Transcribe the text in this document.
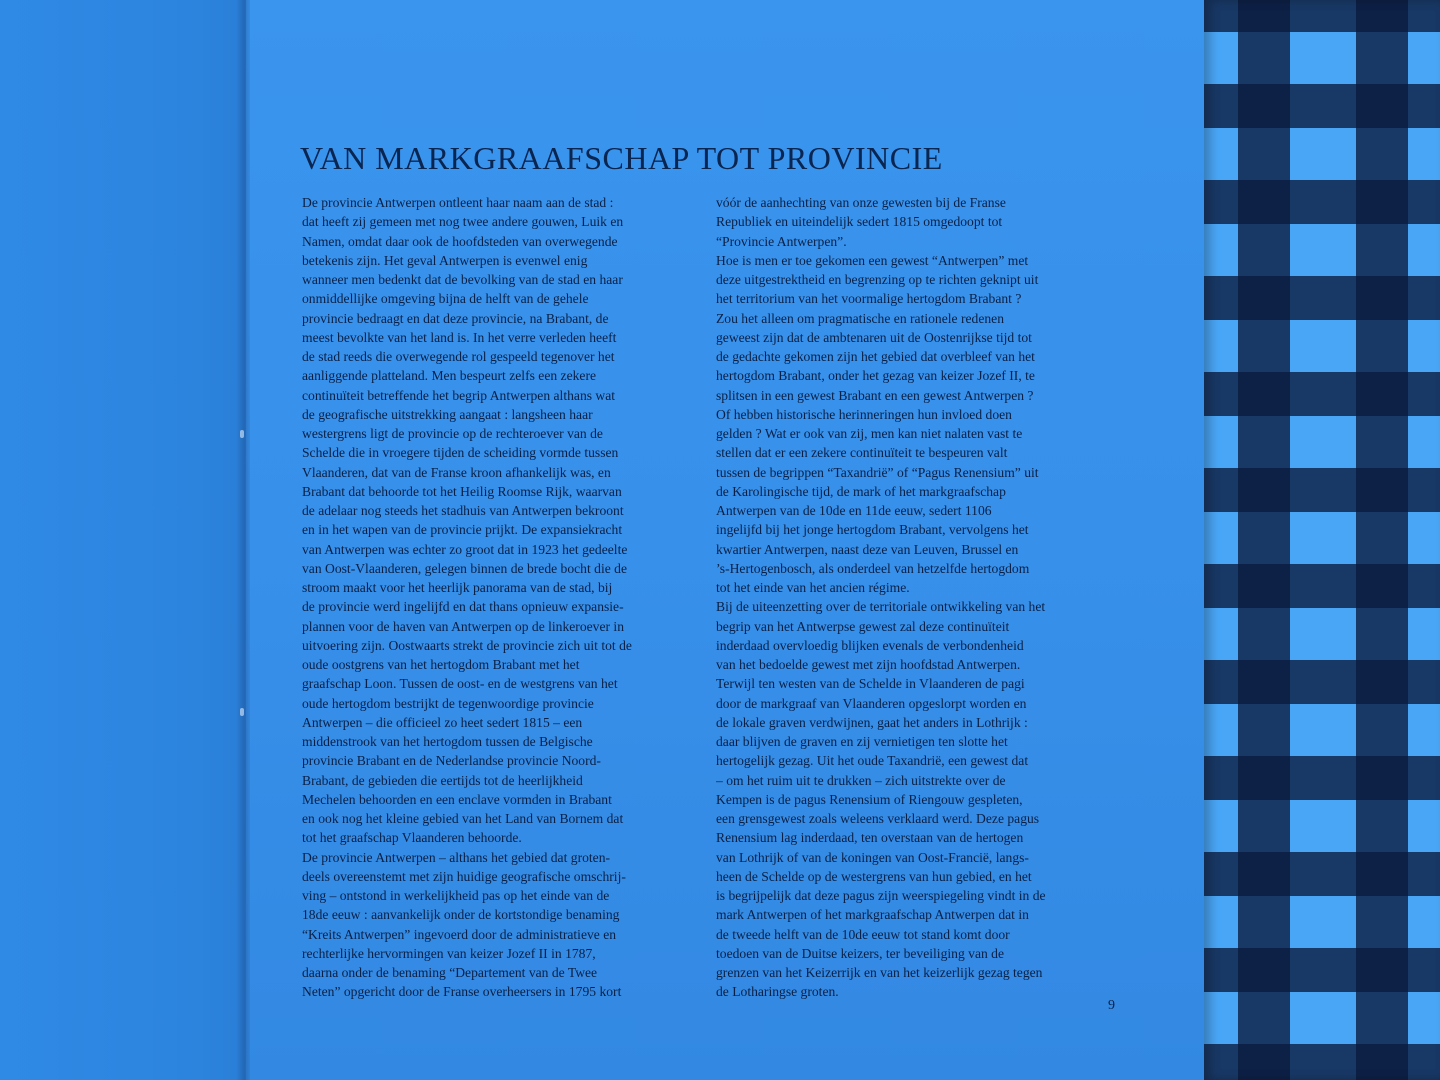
VAN MARKGRAAFSCHAP TOT PROVINCIE
De provincie Antwerpen ontleent haar naam aan de stad :
dat heeft zij gemeen met nog twee andere gouwen, Luik en
Namen, omdat daar ook de hoofdsteden van overwegende
betekenis zijn. Het geval Antwerpen is evenwel enig
wanneer men bedenkt dat de bevolking van de stad en haar
onmiddellijke omgeving bijna de helft van de gehele
provincie bedraagt en dat deze provincie, na Brabant, de
meest bevolkte van het land is. In het verre verleden heeft
de stad reeds die overwegende rol gespeeld tegenover het
aanliggende platteland. Men bespeurt zelfs een zekere
continuïteit betreffende het begrip Antwerpen althans wat
de geografische uitstrekking aangaat : langsheen haar
westergrens ligt de provincie op de rechteroever van de
Schelde die in vroegere tijden de scheiding vormde tussen
Vlaanderen, dat van de Franse kroon afhankelijk was, en
Brabant dat behoorde tot het Heilig Roomse Rijk, waarvan
de adelaar nog steeds het stadhuis van Antwerpen bekroont
en in het wapen van de provincie prijkt. De expansiekracht
van Antwerpen was echter zo groot dat in 1923 het gedeelte
van Oost-Vlaanderen, gelegen binnen de brede bocht die de
stroom maakt voor het heerlijk panorama van de stad, bij
de provincie werd ingelijfd en dat thans opnieuw expansie-
plannen voor de haven van Antwerpen op de linkeroever in
uitvoering zijn. Oostwaarts strekt de provincie zich uit tot de
oude oostgrens van het hertogdom Brabant met het
graafschap Loon. Tussen de oost- en de westgrens van het
oude hertogdom bestrijkt de tegenwoordige provincie
Antwerpen – die officieel zo heet sedert 1815 – een
middenstrook van het hertogdom tussen de Belgische
provincie Brabant en de Nederlandse provincie Noord-
Brabant, de gebieden die eertijds tot de heerlijkheid
Mechelen behoorden en een enclave vormden in Brabant
en ook nog het kleine gebied van het Land van Bornem dat
tot het graafschap Vlaanderen behoorde.
De provincie Antwerpen – althans het gebied dat groten-
deels overeenstemt met zijn huidige geografische omschrij-
ving – ontstond in werkelijkheid pas op het einde van de
18de eeuw : aanvankelijk onder de kortstondige benaming
“Kreits Antwerpen” ingevoerd door de administratieve en
rechterlijke hervormingen van keizer Jozef II in 1787,
daarna onder de benaming “Departement van de Twee
Neten” opgericht door de Franse overheersers in 1795 kort
vóór de aanhechting van onze gewesten bij de Franse
Republiek en uiteindelijk sedert 1815 omgedoopt tot
“Provincie Antwerpen”.
Hoe is men er toe gekomen een gewest “Antwerpen” met
deze uitgestrektheid en begrenzing op te richten geknipt uit
het territorium van het voormalige hertogdom Brabant ?
Zou het alleen om pragmatische en rationele redenen
geweest zijn dat de ambtenaren uit de Oostenrijkse tijd tot
de gedachte gekomen zijn het gebied dat overbleef van het
hertogdom Brabant, onder het gezag van keizer Jozef II, te
splitsen in een gewest Brabant en een gewest Antwerpen ?
Of hebben historische herinneringen hun invloed doen
gelden ? Wat er ook van zij, men kan niet nalaten vast te
stellen dat er een zekere continuïteit te bespeuren valt
tussen de begrippen “Taxandrië” of “Pagus Renensium” uit
de Karolingische tijd, de mark of het markgraafschap
Antwerpen van de 10de en 11de eeuw, sedert 1106
ingelijfd bij het jonge hertogdom Brabant, vervolgens het
kwartier Antwerpen, naast deze van Leuven, Brussel en
’s-Hertogenbosch, als onderdeel van hetzelfde hertogdom
tot het einde van het ancien régime.
Bij de uiteenzetting over de territoriale ontwikkeling van het
begrip van het Antwerpse gewest zal deze continuïteit
inderdaad overvloedig blijken evenals de verbondenheid
van het bedoelde gewest met zijn hoofdstad Antwerpen.
Terwijl ten westen van de Schelde in Vlaanderen de pagi
door de markgraaf van Vlaanderen opgeslorpt worden en
de lokale graven verdwijnen, gaat het anders in Lothrijk :
daar blijven de graven en zij vernietigen ten slotte het
hertogelijk gezag. Uit het oude Taxandrië, een gewest dat
– om het ruim uit te drukken – zich uitstrekte over de
Kempen is de pagus Renensium of Riengouw gespleten,
een grensgewest zoals weleens verklaard werd. Deze pagus
Renensium lag inderdaad, ten overstaan van de hertogen
van Lothrijk of van de koningen van Oost-Francië, langs-
heen de Schelde op de westergrens van hun gebied, en het
is begrijpelijk dat deze pagus zijn weerspiegeling vindt in de
mark Antwerpen of het markgraafschap Antwerpen dat in
de tweede helft van de 10de eeuw tot stand komt door
toedoen van de Duitse keizers, ter beveiliging van de
grenzen van het Keizerrijk en van het keizerlijk gezag tegen
de Lotharingse groten.
9
